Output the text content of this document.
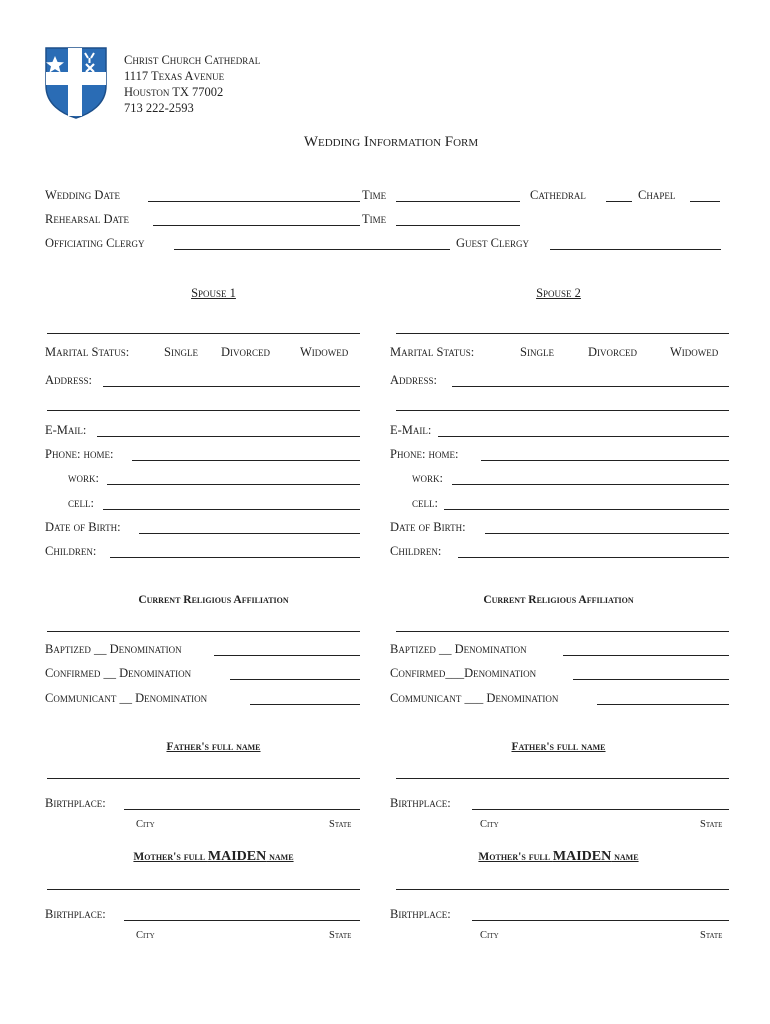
Christ Church Cathedral
1117 Texas Avenue
Houston TX 77002
713 222-2593
Wedding Information Form
Wedding Date	Time	Cathedral	Chapel
Rehearsal Date	Time
Officiating Clergy	Guest Clergy
Spouse 1
Marital Status:	Single Divorced Widowed
Address:
E-Mail:
Phone: home:
work:
cell:
Date of Birth:
Children:
Current Religious Affiliation
Baptized __ Denomination
Confirmed __ Denomination
Communicant __ Denomination
Father's full name
Birthplace:
City	State
Mother's full MAIDEN name
Birthplace:
City	State
Spouse 2
Marital Status:	Single	Divorced	Widowed
Address:
E-Mail:
Phone: home:
work:
cell:
Date of Birth:
Children:
Current Religious Affiliation
Baptized __ Denomination
Confirmed___Denomination
Communicant ___ Denomination
Father's full name
Birthplace:
City	State
Mother's full MAIDEN name
Birthplace:
City	State
